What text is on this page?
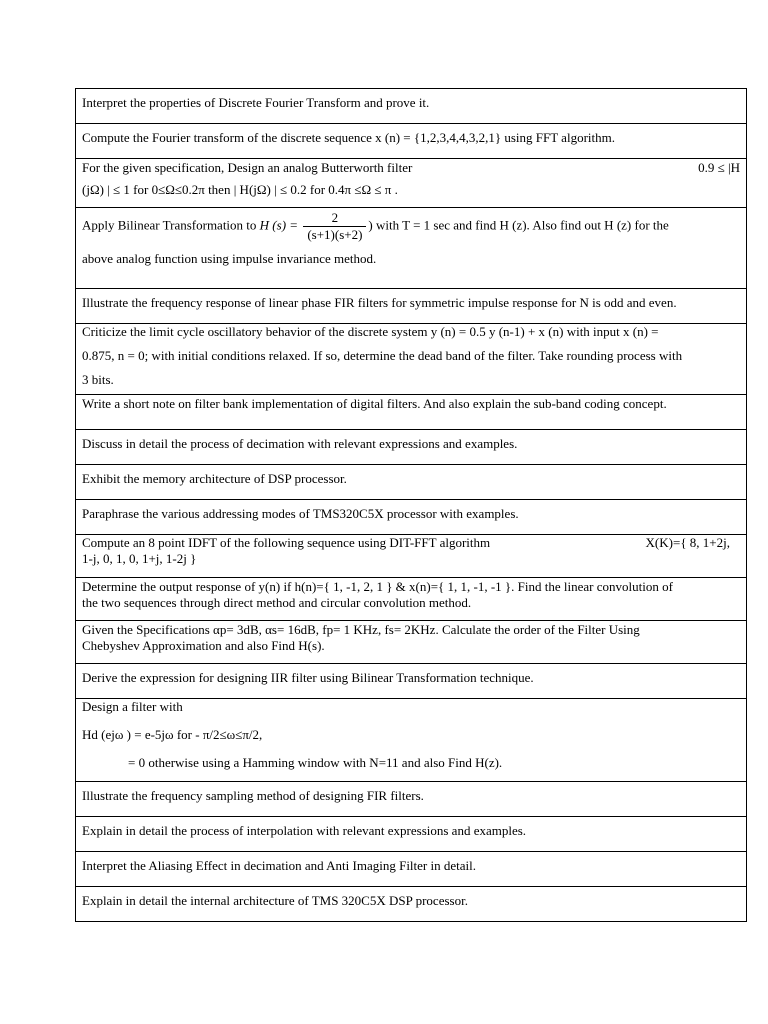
Interpret the properties of Discrete Fourier Transform and prove it.

Compute the Fourier transform of the discrete sequence x (n) = {1,2,3,4,4,3,2,1} using FFT algorithm.

For the given specification, Design an analog Butterworth filter	0.9 ≤ |H
(jΩ) | ≤ 1 for 0≤Ω≤0.2π then | H(jΩ) | ≤ 0.2 for 0.4π ≤Ω ≤ π .

Apply Bilinear Transformation to H $(s) = \frac{2}{(s+1)(s+2)}$ ) with T = 1 sec and find H (z). Also find out H (z) for the
above analog function using impulse invariance method.

Illustrate the frequency response of linear phase FIR filters for symmetric impulse response for N is odd and even.

Criticize the limit cycle oscillatory behavior of the discrete system y (n) = 0.5 y (n-1) + x (n) with input x (n) =
0.875, n = 0; with initial conditions relaxed. If so, determine the dead band of the filter. Take rounding process with
3 bits.

Write a short note on filter bank implementation of digital filters. And also explain the sub-band coding concept.

Discuss in detail the process of decimation with relevant expressions and examples.

Exhibit the memory architecture of DSP processor.

Paraphrase the various addressing modes of TMS320C5X processor with examples.

Compute an 8 point IDFT of the following sequence using DIT-FFT algorithm	X(K)={ 8, 1+2j,
1-j, 0, 1, 0, 1+j, 1-2j }

Determine the output response of y(n) if h(n)={ 1, -1, 2, 1 } & x(n)={ 1, 1, -1, -1 }. Find the linear convolution of
the two sequences through direct method and circular convolution method.

Given the Specifications αp= 3dB, αs= 16dB, fp= 1 KHz, fs= 2KHz. Calculate the order of the Filter Using
Chebyshev Approximation and also Find H(s).

Derive the expression for designing IIR filter using Bilinear Transformation technique.

Design a filter with
Hd (ejω ) = e-5jω for - π/2≤ω≤π/2,
= 0 otherwise using a Hamming window with N=11 and also Find H(z).

Illustrate the frequency sampling method of designing FIR filters.

Explain in detail the process of interpolation with relevant expressions and examples.

Interpret the Aliasing Effect in decimation and Anti Imaging Filter in detail.

Explain in detail the internal architecture of TMS 320C5X DSP processor.
